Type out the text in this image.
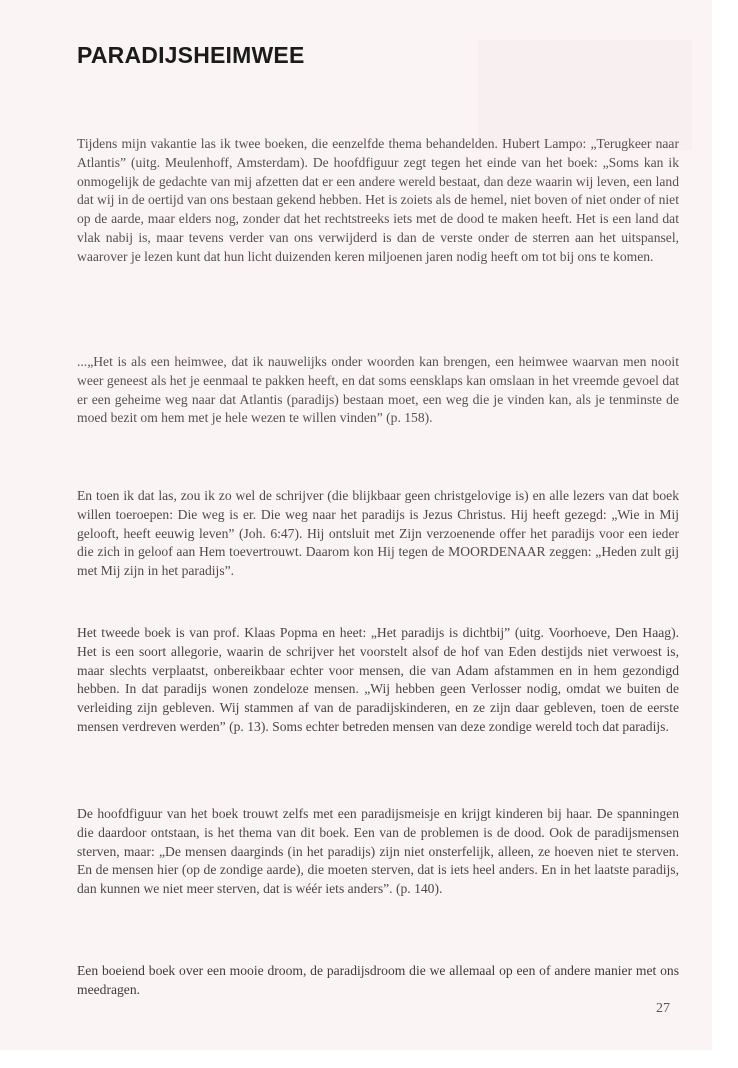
PARADIJSHEIMWEE

Tijdens mijn vakantie las ik twee boeken, die eenzelfde thema behandelden. Hubert Lampo: „Terugkeer naar Atlantis” (uitg. Meulenhoff, Amsterdam). De hoofdfiguur zegt tegen het einde van het boek: „Soms kan ik onmogelijk de gedachte van mij afzetten dat er een andere wereld bestaat, dan deze waarin wij leven, een land dat wij in de oertijd van ons bestaan gekend hebben. Het is zoiets als de hemel, niet boven of niet onder of niet op de aarde, maar elders nog, zonder dat het rechtstreeks iets met de dood te maken heeft. Het is een land dat vlak nabij is, maar tevens verder van ons verwijderd is dan de verste onder de sterren aan het uitspansel, waarover je lezen kunt dat hun licht duizenden keren miljoenen jaren nodig heeft om tot bij ons te komen.

...„Het is als een heimwee, dat ik nauwelijks onder woorden kan brengen, een heimwee waarvan men nooit weer geneest als het je eenmaal te pakken heeft, en dat soms eensklaps kan omslaan in het vreemde gevoel dat er een geheime weg naar dat Atlantis (paradijs) bestaan moet, een weg die je vinden kan, als je tenminste de moed bezit om hem met je hele wezen te willen vinden” (p. 158).

En toen ik dat las, zou ik zo wel de schrijver (die blijkbaar geen christgelovige is) en alle lezers van dat boek willen toeroepen: Die weg is er. Die weg naar het paradijs is Jezus Christus. Hij heeft gezegd: „Wie in Mij gelooft, heeft eeuwig leven” (Joh. 6:47). Hij ontsluit met Zijn verzoenende offer het paradijs voor een ieder die zich in geloof aan Hem toevertrouwt. Daarom kon Hij tegen de MOORDENAAR zeggen: „Heden zult gij met Mij zijn in het paradijs”.

Het tweede boek is van prof. Klaas Popma en heet: „Het paradijs is dichtbij” (uitg. Voorhoeve, Den Haag). Het is een soort allegorie, waarin de schrijver het voorstelt alsof de hof van Eden destijds niet verwoest is, maar slechts verplaatst, onbereikbaar echter voor mensen, die van Adam afstammen en in hem gezondigd hebben. In dat paradijs wonen zondeloze mensen. „Wij hebben geen Verlosser nodig, omdat we buiten de verleiding zijn gebleven. Wij stammen af van de paradijskinderen, en ze zijn daar gebleven, toen de eerste mensen verdreven werden” (p. 13). Soms echter betreden mensen van deze zondige wereld toch dat paradijs.

De hoofdfiguur van het boek trouwt zelfs met een paradijsmeisje en krijgt kinderen bij haar. De spanningen die daardoor ontstaan, is het thema van dit boek. Een van de problemen is de dood. Ook de paradijsmensen sterven, maar: „De mensen daarginds (in het paradijs) zijn niet onsterfelijk, alleen, ze hoeven niet te sterven. En de mensen hier (op de zondige aarde), die moeten sterven, dat is iets heel anders. En in het laatste paradijs, dan kunnen we niet meer sterven, dat is wéér iets anders”. (p. 140).

Een boeiend boek over een mooie droom, de paradijsdroom die we allemaal op een of andere manier met ons meedragen.

27
